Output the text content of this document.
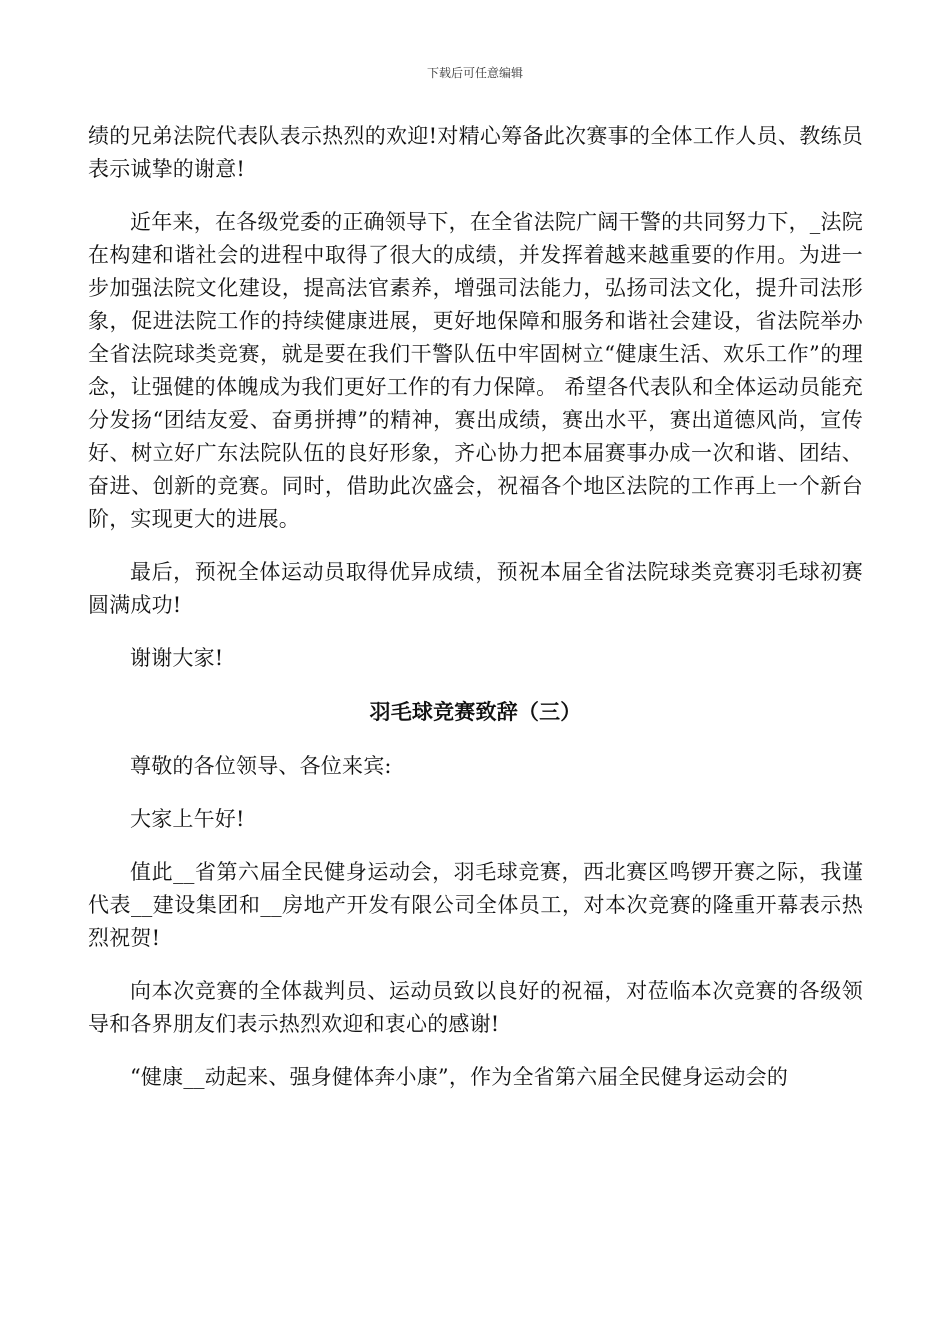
下载后可任意编辑

绩的兄弟法院代表队表示热烈的欢迎!对精心筹备此次赛事的全体工作人员、教练员表示诚挚的谢意!

近年来，在各级党委的正确领导下，在全省法院广阔干警的共同努力下，_法院在构建和谐社会的进程中取得了很大的成绩，并发挥着越来越重要的作用。为进一步加强法院文化建设，提高法官素养，增强司法能力，弘扬司法文化，提升司法形象，促进法院工作的持续健康进展，更好地保障和服务和谐社会建设，省法院举办全省法院球类竞赛，就是要在我们干警队伍中牢固树立“健康生活、欢乐工作”的理念，让强健的体魄成为我们更好工作的有力保障。 希望各代表队和全体运动员能充分发扬“团结友爱、奋勇拼搏”的精神，赛出成绩，赛出水平，赛出道德风尚，宣传好、树立好广东法院队伍的良好形象，齐心协力把本届赛事办成一次和谐、团结、奋进、创新的竞赛。同时，借助此次盛会，祝福各个地区法院的工作再上一个新台阶，实现更大的进展。

最后，预祝全体运动员取得优异成绩，预祝本届全省法院球类竞赛羽毛球初赛圆满成功!

谢谢大家!

羽毛球竞赛致辞（三）

尊敬的各位领导、各位来宾:

大家上午好!

值此__省第六届全民健身运动会，羽毛球竞赛，西北赛区鸣锣开赛之际，我谨代表__建设集团和__房地产开发有限公司全体员工，对本次竞赛的隆重开幕表示热烈祝贺!

向本次竞赛的全体裁判员、运动员致以良好的祝福，对莅临本次竞赛的各级领导和各界朋友们表示热烈欢迎和衷心的感谢!

“健康__动起来、强身健体奔小康”，作为全省第六届全民健身运动会的
